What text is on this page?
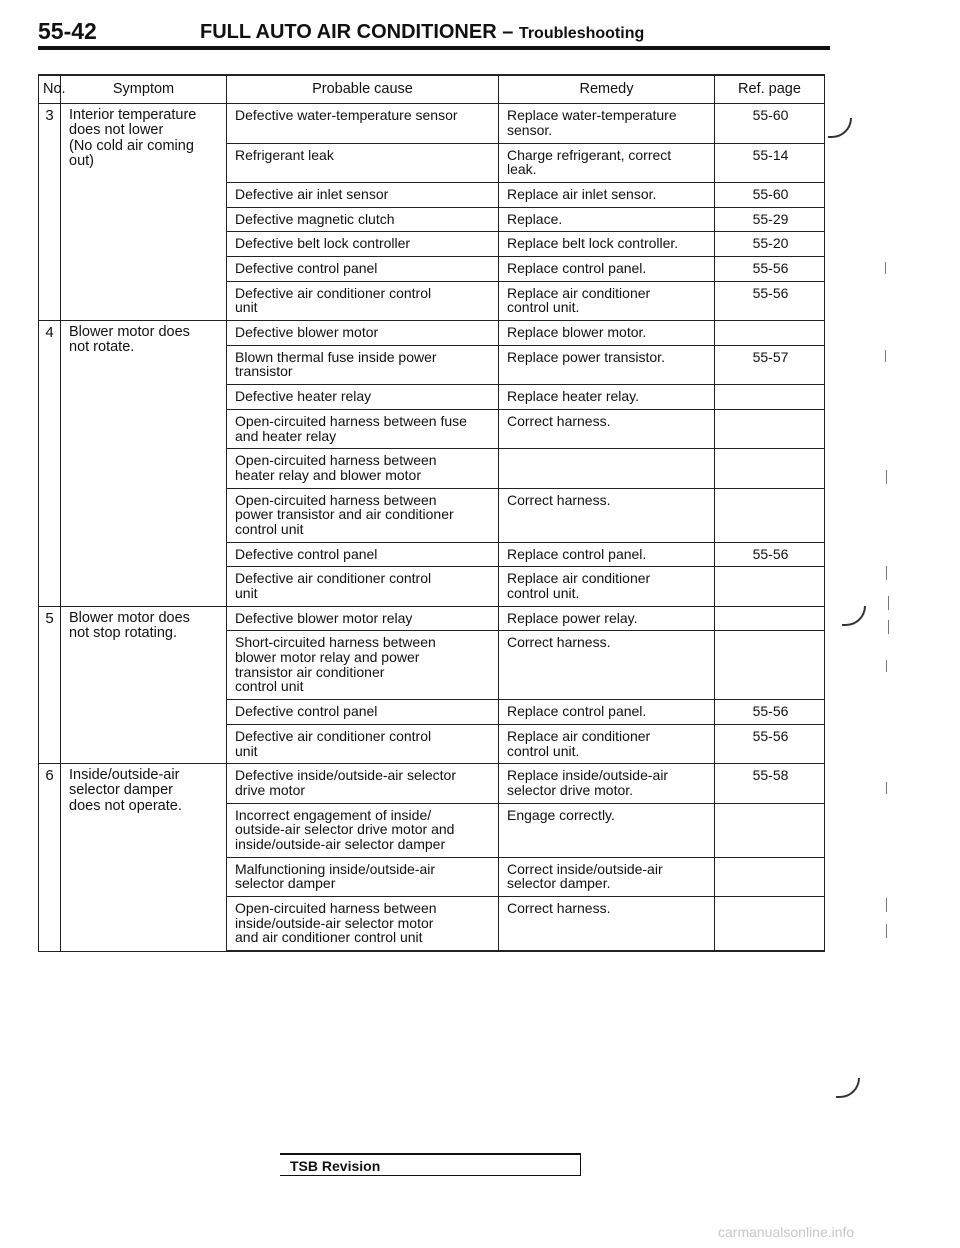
55-42	FULL AUTO AIR CONDITIONER – Troubleshooting
No.	Symptom	Probable cause	Remedy	Ref. page
3	Interior temperature
does not lower
(No cold air coming
out)	Defective water-temperature sensor	Replace water-temperature
sensor.	55-60
		Refrigerant leak	Charge refrigerant, correct
leak.	55-14
		Defective air inlet sensor	Replace air inlet sensor.	55-60
		Defective magnetic clutch	Replace.	55-29
		Defective belt lock controller	Replace belt lock controller.	55-20
		Defective control panel	Replace control panel.	55-56
		Defective air conditioner control
unit	Replace air conditioner
control unit.	55-56
4	Blower motor does
not rotate.	Defective blower motor	Replace blower motor.	
		Blown thermal fuse inside power
transistor	Replace power transistor.	55-57
		Defective heater relay	Replace heater relay.	
		Open-circuited harness between fuse
and heater relay	Correct harness.	
		Open-circuited harness between
heater relay and blower motor		
		Open-circuited harness between
power transistor and air conditioner
control unit	Correct harness.	
		Defective control panel	Replace control panel.	55-56
		Defective air conditioner control
unit	Replace air conditioner
control unit.	
5	Blower motor does
not stop rotating.	Defective blower motor relay	Replace power relay.	
		Short-circuited harness between
blower motor relay and power
transistor air conditioner
control unit	Correct harness.	
		Defective control panel	Replace control panel.	55-56
		Defective air conditioner control
unit	Replace air conditioner
control unit.	55-56
6	Inside/outside-air
selector damper
does not operate.	Defective inside/outside-air selector
drive motor	Replace inside/outside-air
selector drive motor.	55-58
		Incorrect engagement of inside/
outside-air selector drive motor and
inside/outside-air selector damper	Engage correctly.	
		Malfunctioning inside/outside-air
selector damper	Correct inside/outside-air
selector damper.	
		Open-circuited harness between
inside/outside-air selector motor
and air conditioner control unit	Correct harness.	
TSB Revision
carmanualsonline.info
